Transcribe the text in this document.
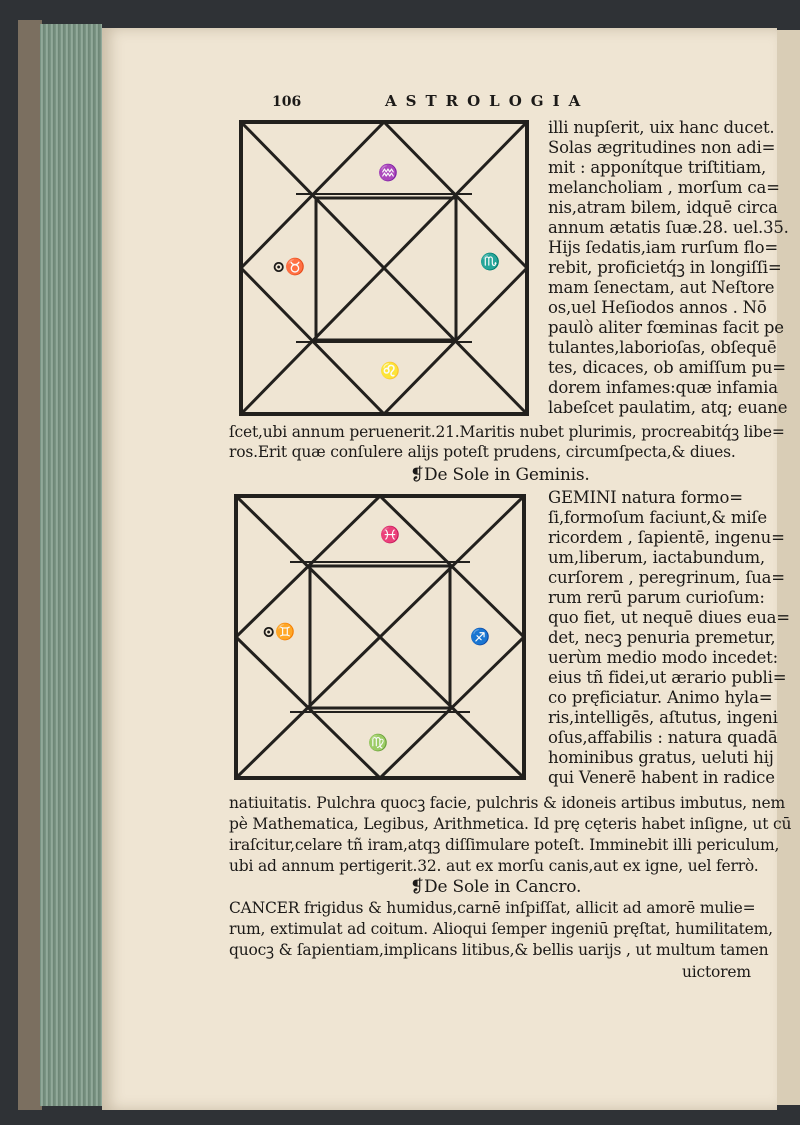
106	ASTROLOGIA
♒
⊙♉	♏
♌
illi nupſerit, uix hanc ducet.
Solas ægritudines non adi=
mit : apponítque triſtitiam,
melancholiam , morſum ca=
nis,atram bilem, idquē circa
annum ætatis ſuæ.28. uel.35.
Hijs ſedatis,iam rurſum flo=
rebit, proficietq́ꝫ in longiſſi=
mam ſenectam, aut Neſtore
os,uel Heſiodos annos . Nō
paulò aliter fœminas facit pe
tulantes,laborioſas, obſequē
tes, dicaces, ob amiſſum pu=
dorem infames:quæ infamia
labeſcet paulatim, atq; euane
ſcet,ubi annum peruenerit.21.Maritis nubet plurimis, procreabitq́ꝫ libe=
ros.Erit quæ conſulere alijs poteſt prudens, circumſpecta,& diues.
❡De Sole in Geminis.
♓
⊙♊	♐
♍
GEMINI natura formo=
ſi,formoſum faciunt,& miſe
ricordem , ſapientē, ingenu=
um,liberum, iactabundum,
curſorem , peregrinum, ſua=
rum rerū parum curioſum:
quo fiet, ut nequē diues eua=
det, necꝫ penuria premetur,
uerùm medio modo incedet:
eius tñ fidei,ut ærario publi=
co pręficiatur. Animo hyla=
ris,intelligēs, aſtutus, ingeni
oſus,affabilis : natura quadā
hominibus gratus, ueluti hij
qui Venerē habent in radice
natiuitatis. Pulchra quocꝫ facie, pulchris & idoneis artibus imbutus, nem
pè Mathematica, Legibus, Arithmetica. Id prę cęteris habet inſigne, ut cū
iraſcitur,celare tñ iram,atqꝫ diſſimulare poteſt. Imminebit illi periculum,
ubi ad annum pertigerit.32. aut ex morſu canis,aut ex igne, uel ferrò.
❡De Sole in Cancro.
CANCER frigidus & humidus,carnē inſpiſſat, allicit ad amorē mulie=
rum, extimulat ad coitum. Alioqui ſemper ingeniū pręſtat, humilitatem,
quocꝫ & ſapientiam,implicans litibus,& bellis uarijs , ut multum tamen
uictorem
